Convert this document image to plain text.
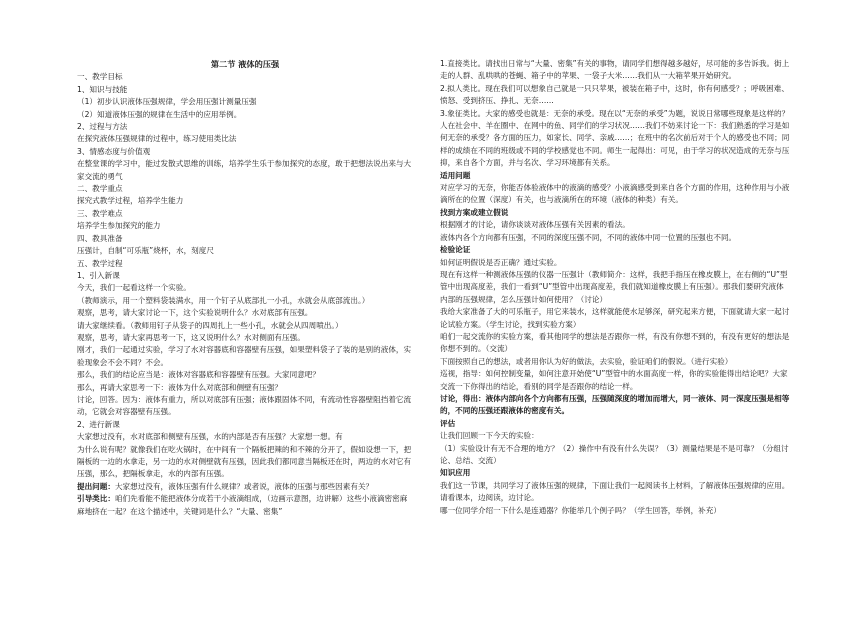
第二节 液体的压强

一、教学目标

1、知识与技能

（1）初步认识液体压强规律，学会用压强计测量压强

（2）知道液体压强的规律在生活中的应用举例。

2、过程与方法

在探究液体压强规律的过程中，练习使用类比法

3、情感态度与价值观

在整堂课的学习中，能过发散式思维的训练，培养学生乐于参加探究的态度，敢于把想法说出来与大家交流的勇气

二、教学重点

探究式教学过程，培养学生能力

三、教学难点

培养学生参加探究的能力

四、教具准备

压强计，自制“可乐瓶”烧杯，水，刻度尺

五、教学过程

1、引入新课

今天，我们一起看这样一个实验。

（教师演示，用一个塑料袋装满水，用一个钉子从底部扎一小孔，水就会从底部流出。）

观察，思考，请大家讨论一下，这个实验说明什么？水对底部有压强。

请大家继续看。（教师用钉子从袋子的四周扎上一些小孔，水就会从四周喷出。）

观察，思考，请大家再思考一下，这又说明什么？水对侧面有压强。

刚才，我们一起通过实验，学习了水对容器底和容器壁有压强，如果塑料袋子了装的是别的液体，实验现象会不会不同？不会。

那么，我们的结论应当是：液体对容器底和容器壁有压强。大家同意吧？

那么，再请大家思考一下：液体为什么对底部和侧壁有压强？

讨论，回答。因为：液体有重力，所以对底部有压强；液体跟固体不同，有流动性容器壁阻挡着它流动，它就会对容器壁有压强。

2、进行新课

大家想过没有，水对底部和侧壁有压强，水的内部是否有压强？大家想一想。有

为什么说有呢？就像我们在吃火锅时，在中间有一个隔板把辣的和不辣的分开了，假如设想一下，把隔板的一边的水拿走，另一边的水对侧壁就有压强，因此我们都同意当隔板还在时，两边的水对它有压强，那么，把隔板拿走，水的内部有压强。

提出问题：大家想过没有，液体压强有什么规律？或者说，液体的压强与那些因素有关？

引导类比：咱们先看能不能把液体分成若干小液滴组成，（边画示意图，边讲解）这些小液滴密密麻麻地挤在一起？在这个描述中，关键词是什么？“大量、密集”

1.直接类比。请找出日常与“大量、密集”有关的事物，请同学们想得越多越好，尽可能的多告诉我。街上走的人群、乱哄哄的苍蝇、箱子中的苹果、一袋子大米……我们从一大箱苹果开始研究。

2.拟人类比。现在我们可以想象自己就是一只只苹果，被装在箱子中，这时，你有何感受？；呼吸困难、愤怒、受到挤压、挣扎、无奈……

3.象征类比。大家的感受也就是：无奈的承受。现在以“无奈的承受”为题，说说日常哪些现象是这样的？人在社会中、羊在圈中、在网中的鱼、同学们的学习状况……我们不妨来讨论一下：我们熟悉的学习是如何无奈的承受？各方面的压力，如家长、同学、亲戚……；在班中的名次前后对于个人的感受也不同；同样的成绩在不同的班级或不同的学校感觉也不同。师生一起得出：可见，由于学习的状况造成的无奈与压抑，来自各个方面，并与名次、学习环境都有关系。

适用问题

对应学习的无奈，你能否体验液体中的液滴的感受？小液滴感受到来自各个方面的作用，这种作用与小液滴所在的位置（深度）有关，也与液滴所在的环境（液体的种类）有关。

找到方案或建立假说

根据刚才的讨论，请你谈谈对液体压强有关因素的看法。

液体内各个方向都有压强，不同的深度压强不同，不同的液体中同一位置的压强也不同。

检验论证

如何证明假说是否正确？通过实验。

现在有这样一种测液体压强的仪器一压强计（教师简介：这样，我把手指压在橡皮膜上，在右侧的“U”型管中出现高度差，我们一看到“U”型管中出现高度差，我们就知道橡皮膜上有压强）。那我们要研究液体内部的压强规律，怎么压强计如何使用？（讨论）

我给大家准备了大的可乐瓶子，用它来装水，这样就能使水足够深，研究起来方便，下面就请大家一起讨论试验方案。（学生讨论，找到实验方案）

咱们一起交流你的实验方案，看其他同学的想法是否跟你一样，有没有你想不到的，有没有更好的想法是你想不到的。（交流）

下面按照自己的想法，或者用你认为好的做法，去实验，验证咱们的假说。（进行实验）

巡视，指导：如何控制变量，如何注意开始使“U”型管中的水面高度一样，你的实验能得出结论吧？大家交流一下你得出的结论，看别的同学是否跟你的结论一样。

讨论，得出：液体内部向各个方向都有压强，压强随深度的增加而增大，同一液体、同一深度压强是相等的，不同的压强还跟液体的密度有关。

评估

让我们回顾一下今天的实验：

（1）实验设计有无不合理的地方？（2）操作中有没有什么失误？（3）测量结果是不是可靠？（分组讨论、总结、交流）

知识应用

我们这一节课，共同学习了液体压强的规律，下面让我们一起阅读书上材料，了解液体压强规律的应用。请看课本，边阅读，边讨论。

哪一位同学介绍一下什么是连通器？你能举几个例子吗？（学生回答，举例，补充）
